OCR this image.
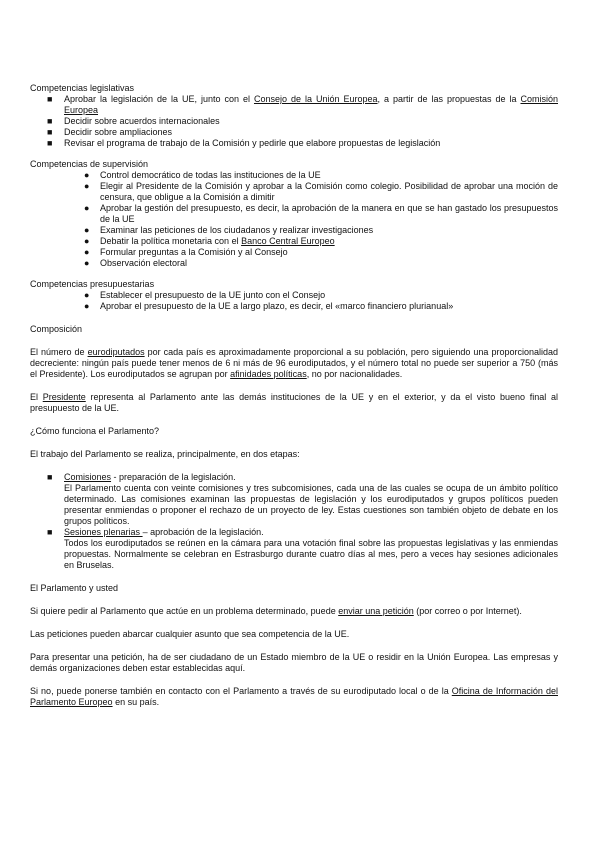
Competencias legislativas
■ Aprobar la legislación de la UE, junto con el Consejo de la Unión Europea, a partir de las propuestas de la Comisión Europea
■ Decidir sobre acuerdos internacionales
■ Decidir sobre ampliaciones
■ Revisar el programa de trabajo de la Comisión y pedirle que elabore propuestas de legislación
Competencias de supervisión
● Control democrático de todas las instituciones de la UE
● Elegir al Presidente de la Comisión y aprobar a la Comisión como colegio. Posibilidad de aprobar una moción de censura, que obligue a la Comisión a dimitir
● Aprobar la gestión del presupuesto, es decir, la aprobación de la manera en que se han gastado los presupuestos de la UE
● Examinar las peticiones de los ciudadanos y realizar investigaciones
● Debatir la política monetaria con el Banco Central Europeo
● Formular preguntas a la Comisión y al Consejo
● Observación electoral
Competencias presupuestarias
● Establecer el presupuesto de la UE junto con el Consejo
● Aprobar el presupuesto de la UE a largo plazo, es decir, el «marco financiero plurianual»
Composición

El número de eurodiputados por cada país es aproximadamente proporcional a su población, pero siguiendo una proporcionalidad decreciente: ningún país puede tener menos de 6 ni más de 96 eurodiputados, y el número total no puede ser superior a 750 (más el Presidente). Los eurodiputados se agrupan por afinidades políticas, no por nacionalidades.

El Presidente representa al Parlamento ante las demás instituciones de la UE y en el exterior, y da el visto bueno final al presupuesto de la UE.

¿Cómo funciona el Parlamento?

El trabajo del Parlamento se realiza, principalmente, en dos etapas:

■ Comisiones - preparación de la legislación.
El Parlamento cuenta con veinte comisiones y tres subcomisiones, cada una de las cuales se ocupa de un ámbito político determinado. Las comisiones examinan las propuestas de legislación y los eurodiputados y grupos políticos pueden presentar enmiendas o proponer el rechazo de un proyecto de ley. Estas cuestiones son también objeto de debate en los grupos políticos.
■ Sesiones plenarias – aprobación de la legislación.
Todos los eurodiputados se reúnen en la cámara para una votación final sobre las propuestas legislativas y las enmiendas propuestas. Normalmente se celebran en Estrasburgo durante cuatro días al mes, pero a veces hay sesiones adicionales en Bruselas.
El Parlamento y usted

Si quiere pedir al Parlamento que actúe en un problema determinado, puede enviar una petición (por correo o por Internet).

Las peticiones pueden abarcar cualquier asunto que sea competencia de la UE.

Para presentar una petición, ha de ser ciudadano de un Estado miembro de la UE o residir en la Unión Europea. Las empresas y demás organizaciones deben estar establecidas aquí.

Si no, puede ponerse también en contacto con el Parlamento a través de su eurodiputado local o de la Oficina de Información del Parlamento Europeo en su país.
